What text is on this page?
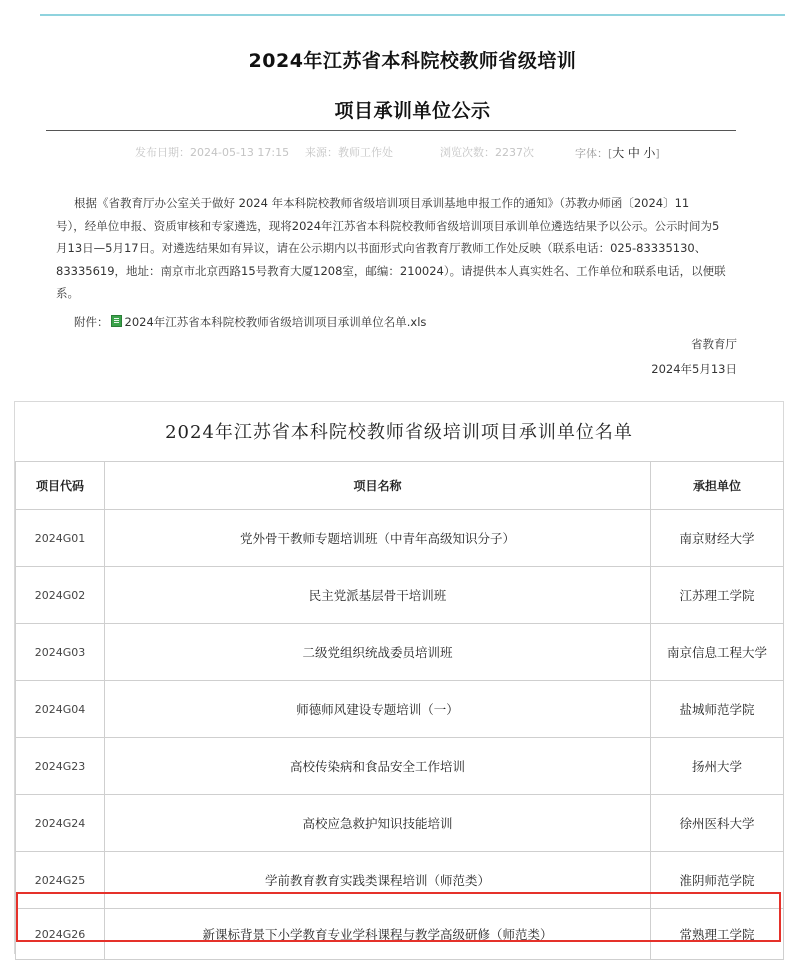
2024年江苏省本科院校教师省级培训
项目承训单位公示
发布日期：2024-05-13 17:15 来源：教师工作处	浏览次数：2237次	字体：[大 中 小]

根据《省教育厅办公室关于做好 2024 年本科院校教师省级培训项目承训基地申报工作的通知》（苏教办师函〔2024〕11

号），经单位申报、资质审核和专家遴选，现将2024年江苏省本科院校教师省级培训项目承训单位遴选结果予以公示。公示时间为5

月13日—5月17日。对遴选结果如有异议，请在公示期内以书面形式向省教育厅教师工作处反映（联系电话：025-83335130、

83335619，地址：南京市北京西路15号教育大厦1208室，邮编：210024）。请提供本人真实姓名、工作单位和联系电话，以便联

系。

附件： 2024年江苏省本科院校教师省级培训项目承训单位名单.xls
省教育厅
2024年5月13日
2024年江苏省本科院校教师省级培训项目承训单位名单
项目代码	项目名称	承担单位
2024G01	党外骨干教师专题培训班（中青年高级知识分子）	南京财经大学
2024G02	民主党派基层骨干培训班	江苏理工学院
2024G03	二级党组织统战委员培训班	南京信息工程大学
2024G04	师德师风建设专题培训（一）	盐城师范学院
2024G23	高校传染病和食品安全工作培训	扬州大学
2024G24	高校应急救护知识技能培训	徐州医科大学
2024G25	学前教育教育实践类课程培训（师范类）	淮阴师范学院
2024G26	新课标背景下小学教育专业学科课程与教学高级研修（师范类）	常熟理工学院
